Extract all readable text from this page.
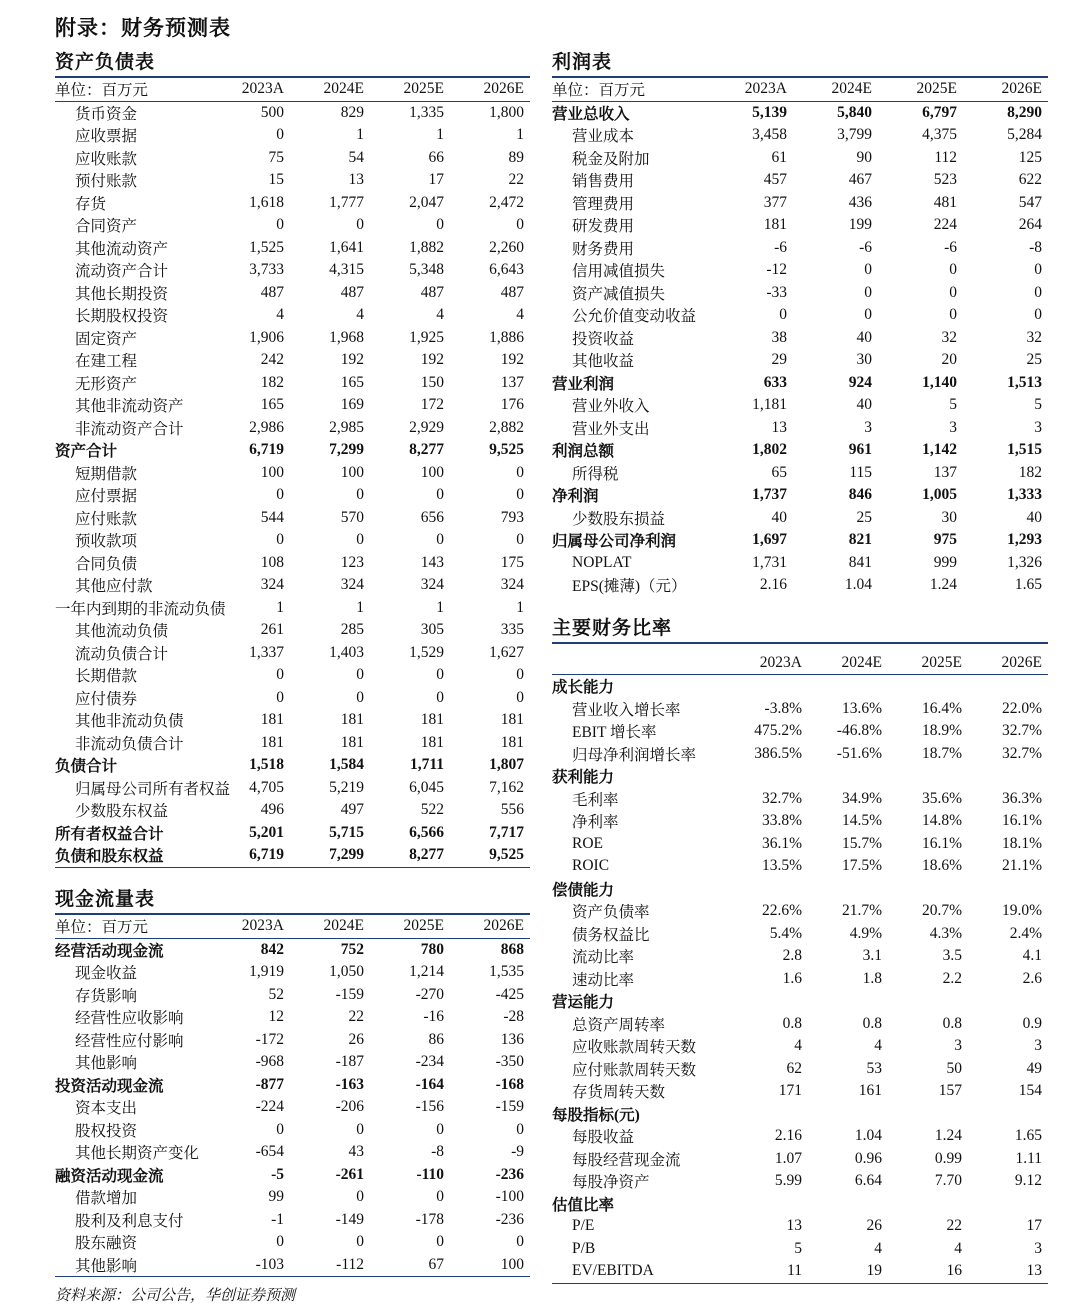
附录：财务预测表
资产负债表
单位：百万元	2023A	2024E	2025E	2026E
货币资金	500	829	1,335	1,800
应收票据	0	1	1	1
应收账款	75	54	66	89
预付账款	15	13	17	22
存货	1,618	1,777	2,047	2,472
合同资产	0	0	0	0
其他流动资产	1,525	1,641	1,882	2,260
流动资产合计	3,733	4,315	5,348	6,643
其他长期投资	487	487	487	487
长期股权投资	4	4	4	4
固定资产	1,906	1,968	1,925	1,886
在建工程	242	192	192	192
无形资产	182	165	150	137
其他非流动资产	165	169	172	176
非流动资产合计	2,986	2,985	2,929	2,882
资产合计	6,719	7,299	8,277	9,525
短期借款	100	100	100	0
应付票据	0	0	0	0
应付账款	544	570	656	793
预收款项	0	0	0	0
合同负债	108	123	143	175
其他应付款	324	324	324	324
一年内到期的非流动负债	1	1	1	1
其他流动负债	261	285	305	335
流动负债合计	1,337	1,403	1,529	1,627
长期借款	0	0	0	0
应付债券	0	0	0	0
其他非流动负债	181	181	181	181
非流动负债合计	181	181	181	181
负债合计	1,518	1,584	1,711	1,807
归属母公司所有者权益	4,705	5,219	6,045	7,162
少数股东权益	496	497	522	556
所有者权益合计	5,201	5,715	6,566	7,717
负债和股东权益	6,719	7,299	8,277	9,525
利润表
单位：百万元	2023A	2024E	2025E	2026E
营业总收入	5,139	5,840	6,797	8,290
营业成本	3,458	3,799	4,375	5,284
税金及附加	61	90	112	125
销售费用	457	467	523	622
管理费用	377	436	481	547
研发费用	181	199	224	264
财务费用	-6	-6	-6	-8
信用减值损失	-12	0	0	0
资产减值损失	-33	0	0	0
公允价值变动收益	0	0	0	0
投资收益	38	40	32	32
其他收益	29	30	20	25
营业利润	633	924	1,140	1,513
营业外收入	1,181	40	5	5
营业外支出	13	3	3	3
利润总额	1,802	961	1,142	1,515
所得税	65	115	137	182
净利润	1,737	846	1,005	1,333
少数股东损益	40	25	30	40
归属母公司净利润	1,697	821	975	1,293
NOPLAT	1,731	841	999	1,326
EPS(摊薄)（元）	2.16	1.04	1.24	1.65
现金流量表
单位：百万元	2023A	2024E	2025E	2026E
经营活动现金流	842	752	780	868
现金收益	1,919	1,050	1,214	1,535
存货影响	52	-159	-270	-425
经营性应收影响	12	22	-16	-28
经营性应付影响	-172	26	86	136
其他影响	-968	-187	-234	-350
投资活动现金流	-877	-163	-164	-168
资本支出	-224	-206	-156	-159
股权投资	0	0	0	0
其他长期资产变化	-654	43	-8	-9
融资活动现金流	-5	-261	-110	-236
借款增加	99	0	0	-100
股利及利息支付	-1	-149	-178	-236
股东融资	0	0	0	0
其他影响	-103	-112	67	100
主要财务比率
	2023A	2024E	2025E	2026E
成长能力				
营业收入增长率	-3.8%	13.6%	16.4%	22.0%
EBIT 增长率	475.2%	-46.8%	18.9%	32.7%
归母净利润增长率	386.5%	-51.6%	18.7%	32.7%
获利能力				
毛利率	32.7%	34.9%	35.6%	36.3%
净利率	33.8%	14.5%	14.8%	16.1%
ROE	36.1%	15.7%	16.1%	18.1%
ROIC	13.5%	17.5%	18.6%	21.1%
偿债能力				
资产负债率	22.6%	21.7%	20.7%	19.0%
债务权益比	5.4%	4.9%	4.3%	2.4%
流动比率	2.8	3.1	3.5	4.1
速动比率	1.6	1.8	2.2	2.6
营运能力				
总资产周转率	0.8	0.8	0.8	0.9
应收账款周转天数	4	4	3	3
应付账款周转天数	62	53	50	49
存货周转天数	171	161	157	154
每股指标(元)				
每股收益	2.16	1.04	1.24	1.65
每股经营现金流	1.07	0.96	0.99	1.11
每股净资产	5.99	6.64	7.70	9.12
估值比率				
P/E	13	26	22	17
P/B	5	4	4	3
EV/EBITDA	11	19	16	13
资料来源：公司公告，华创证券预测
